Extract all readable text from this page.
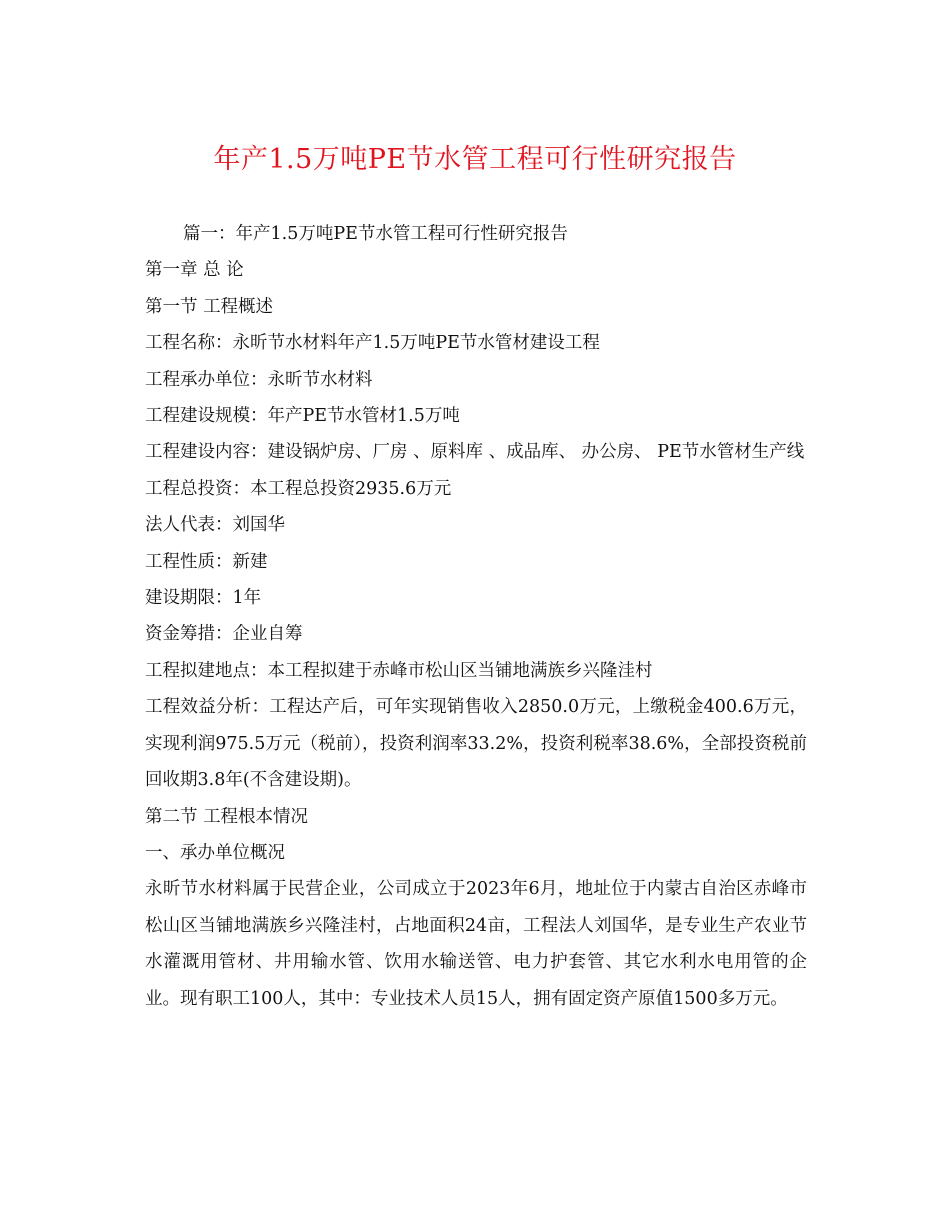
年产1.5万吨PE节水管工程可行性研究报告

篇一：年产1.5万吨PE节水管工程可行性研究报告

第一章 总 论

第一节 工程概述

工程名称：永昕节水材料年产1.5万吨PE节水管材建设工程

工程承办单位：永昕节水材料

工程建设规模：年产PE节水管材1.5万吨

工程建设内容：建设锅炉房、厂房 、原料库 、成品库、 办公房、 PE节水管材生产线

工程总投资：本工程总投资2935.6万元

法人代表：刘国华

工程性质：新建

建设期限：1年

资金筹措：企业自筹

工程拟建地点：本工程拟建于赤峰市松山区当铺地满族乡兴隆洼村

工程效益分析：工程达产后，可年实现销售收入2850.0万元，上缴税金400.6万元，实现利润975.5万元（税前），投资利润率33.2%，投资利税率38.6%，全部投资税前回收期3.8年(不含建设期)。

第二节 工程根本情况

一、承办单位概况

永昕节水材料属于民营企业，公司成立于2023年6月，地址位于内蒙古自治区赤峰市松山区当铺地满族乡兴隆洼村，占地面积24亩，工程法人刘国华，是专业生产农业节水灌溉用管材、井用输水管、饮用水输送管、电力护套管、其它水利水电用管的企业。现有职工100人，其中：专业技术人员15人，拥有固定资产原值1500多万元。
